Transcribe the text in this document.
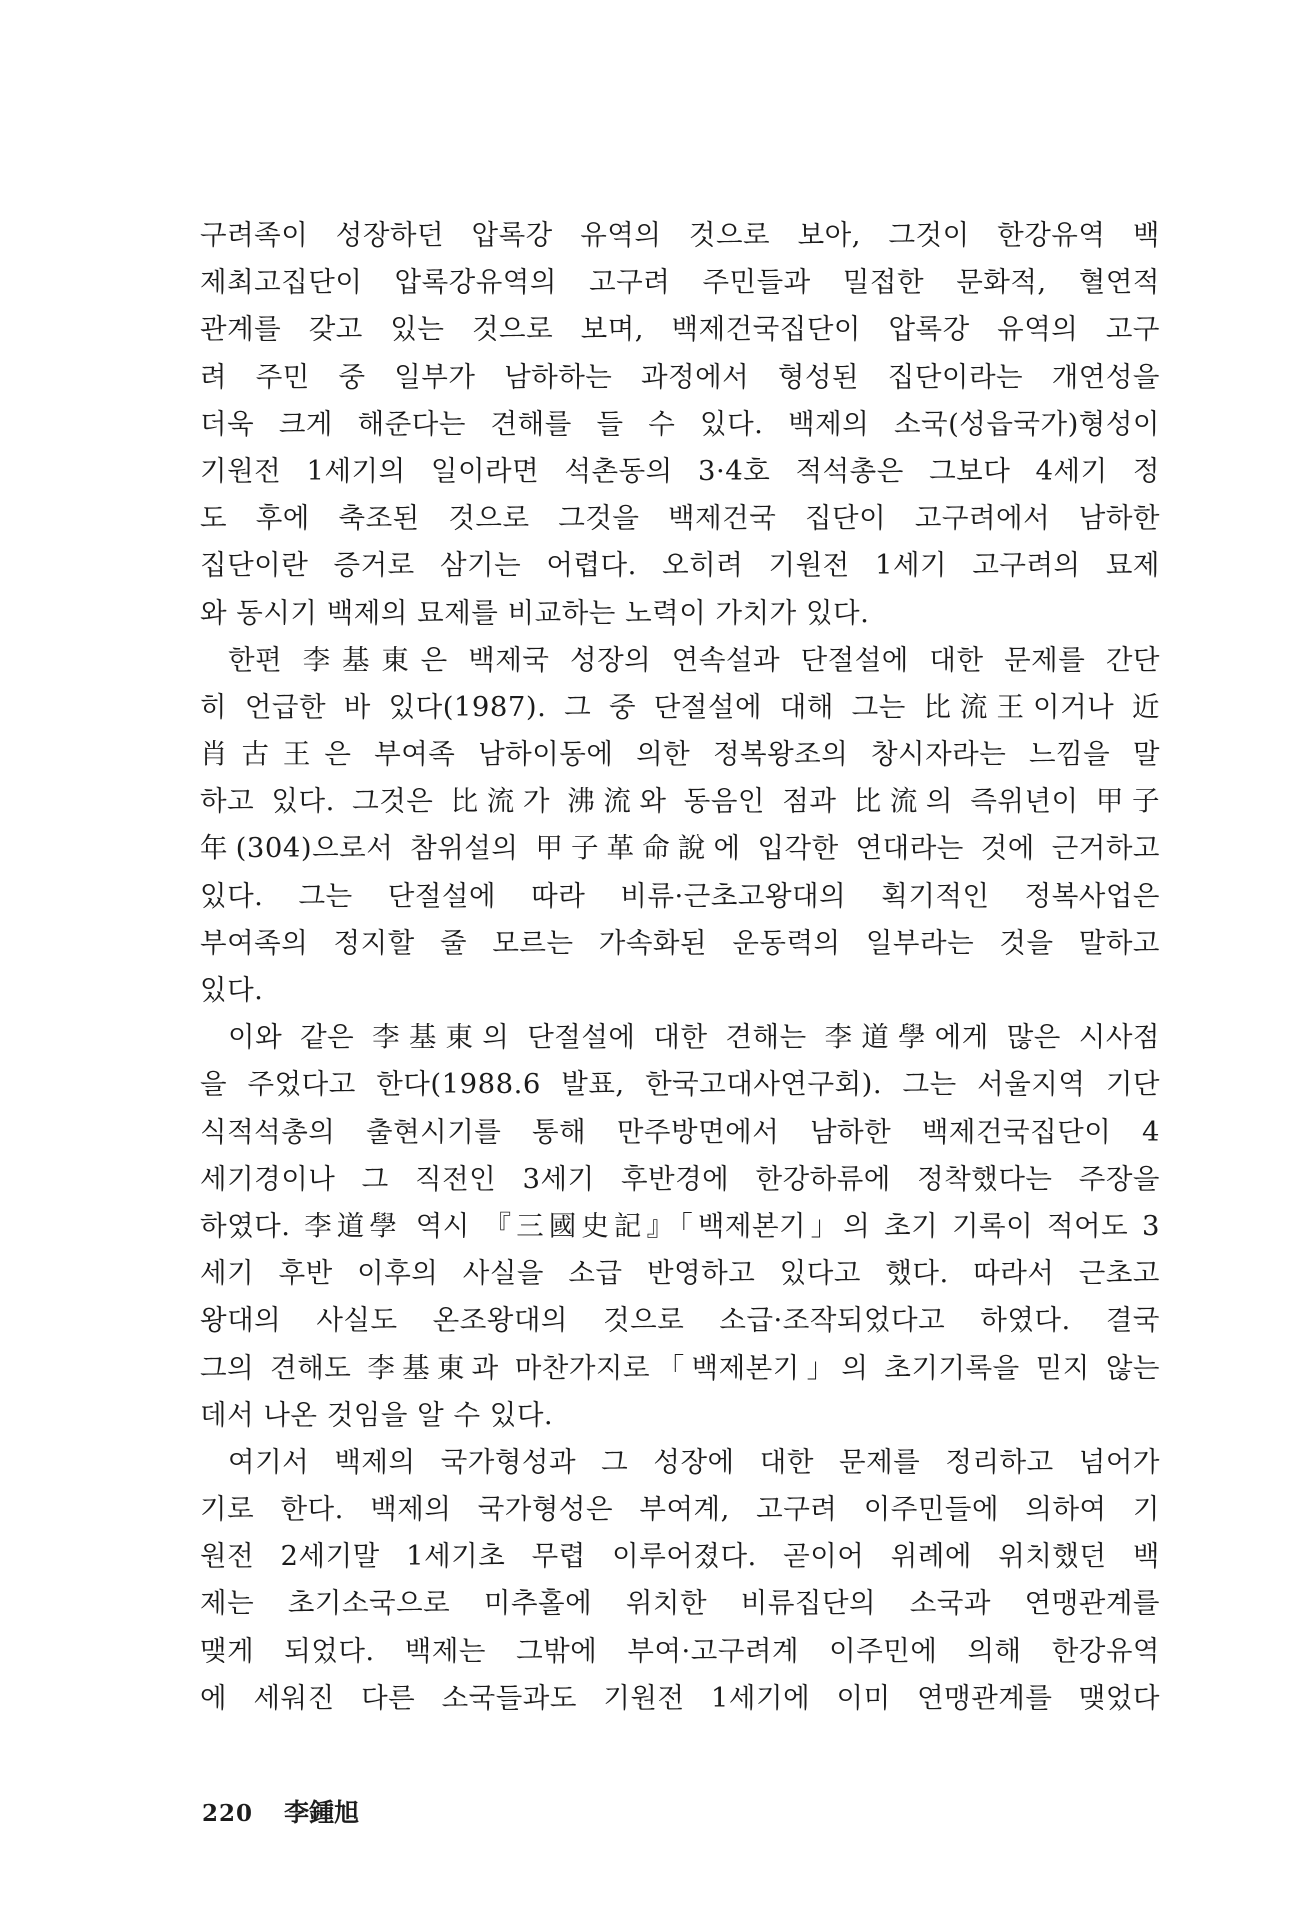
구려족이 성장하던 압록강 유역의 것으로 보아, 그것이 한강유역 백
제최고집단이 압록강유역의 고구려 주민들과 밀접한 문화적, 혈연적
관계를 갖고 있는 것으로 보며, 백제건국집단이 압록강 유역의 고구
려 주민 중 일부가 남하하는 과정에서 형성된 집단이라는 개연성을
더욱 크게 해준다는 견해를 들 수 있다. 백제의 소국(성읍국가)형성이
기원전 1세기의 일이라면 석촌동의 3·4호 적석총은 그보다 4세기 정
도 후에 축조된 것으로 그것을 백제건국 집단이 고구려에서 남하한
집단이란 증거로 삼기는 어렵다. 오히려 기원전 1세기 고구려의 묘제
와 동시기 백제의 묘제를 비교하는 노력이 가치가 있다.
한편 李基東은 백제국 성장의 연속설과 단절설에 대한 문제를 간단
히 언급한 바 있다(1987). 그 중 단절설에 대해 그는 比流王이거나 近
肖古王은 부여족 남하이동에 의한 정복왕조의 창시자라는 느낌을 말
하고 있다. 그것은 比流가 沸流와 동음인 점과 比流의 즉위년이 甲子
年(304)으로서 참위설의 甲子革命說에 입각한 연대라는 것에 근거하고
있다. 그는 단절설에 따라 비류·근초고왕대의 획기적인 정복사업은
부여족의 정지할 줄 모르는 가속화된 운동력의 일부라는 것을 말하고
있다.
이와 같은 李基東의 단절설에 대한 견해는 李道學에게 많은 시사점
을 주었다고 한다(1988.6 발표, 한국고대사연구회). 그는 서울지역 기단
식적석총의 출현시기를 통해 만주방면에서 남하한 백제건국집단이 4
세기경이나 그 직전인 3세기 후반경에 한강하류에 정착했다는 주장을
하였다. 李道學 역시 『三國史記』「백제본기」의 초기 기록이 적어도 3
세기 후반 이후의 사실을 소급 반영하고 있다고 했다. 따라서 근초고
왕대의 사실도 온조왕대의 것으로 소급·조작되었다고 하였다. 결국
그의 견해도 李基東과 마찬가지로「백제본기」의 초기기록을 믿지 않는
데서 나온 것임을 알 수 있다.
여기서 백제의 국가형성과 그 성장에 대한 문제를 정리하고 넘어가
기로 한다. 백제의 국가형성은 부여계, 고구려 이주민들에 의하여 기
원전 2세기말 1세기초 무렵 이루어졌다. 곧이어 위례에 위치했던 백
제는 초기소국으로 미추홀에 위치한 비류집단의 소국과 연맹관계를
맺게 되었다. 백제는 그밖에 부여·고구려계 이주민에 의해 한강유역
에 세워진 다른 소국들과도 기원전 1세기에 이미 연맹관계를 맺었다
220 李鍾旭
